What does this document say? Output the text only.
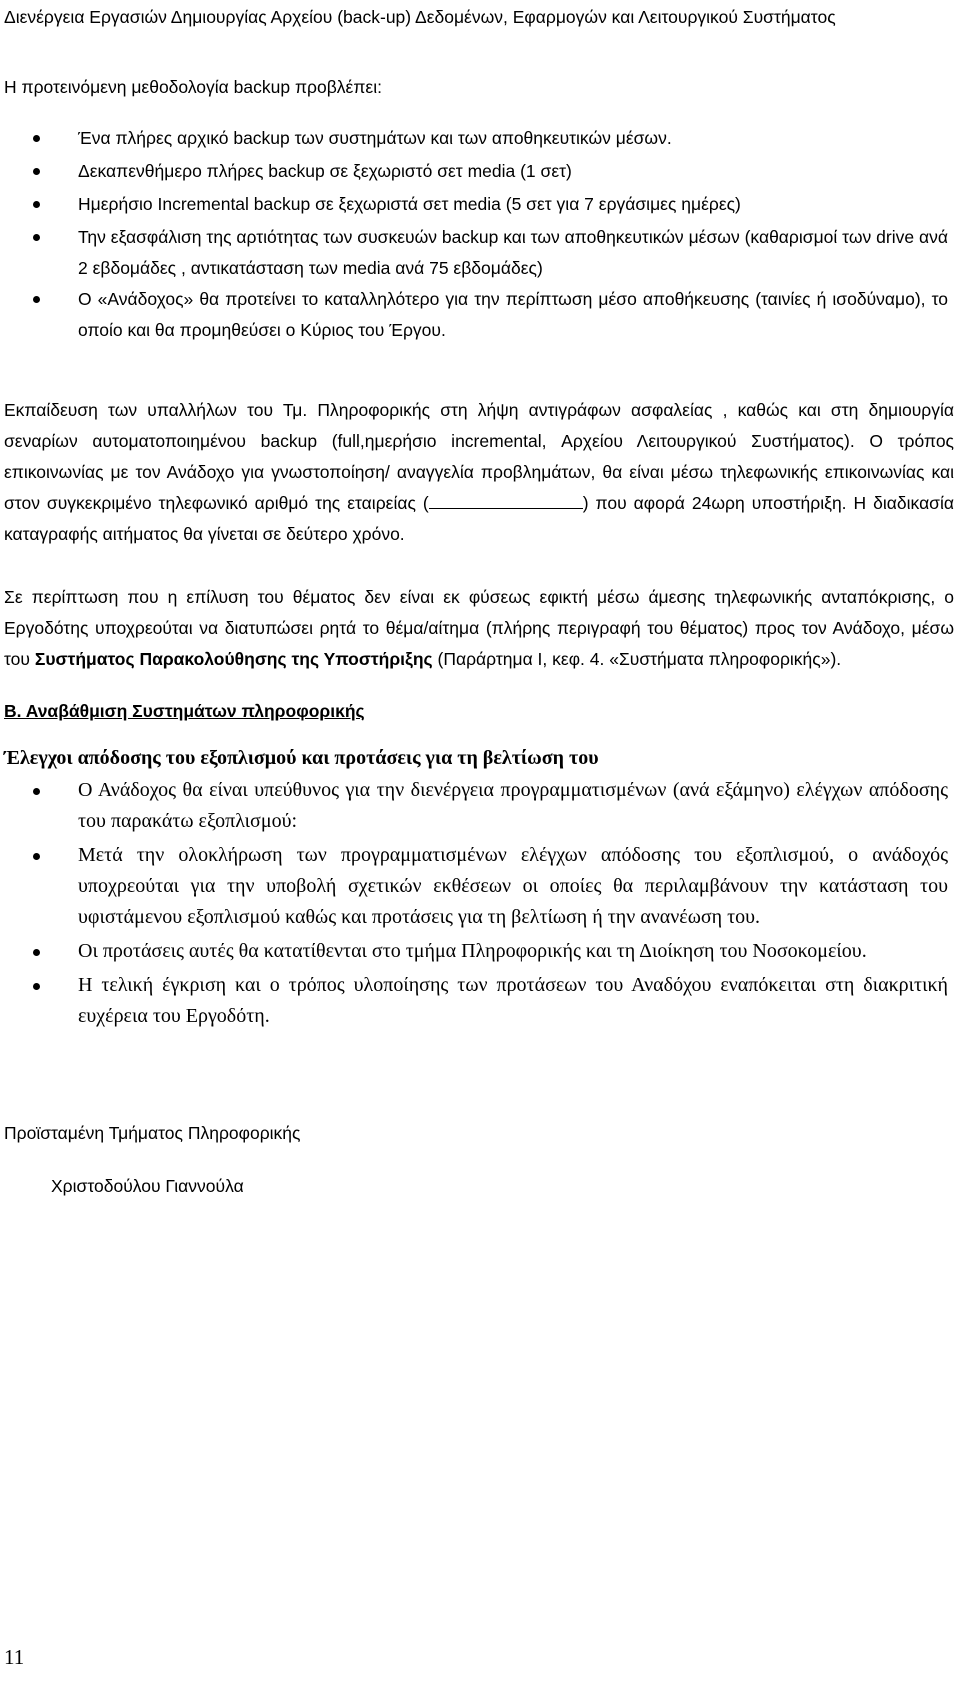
Διενέργεια Εργασιών Δημιουργίας Αρχείου (back-up) Δεδομένων, Εφαρμογών και Λειτουργικού Συστήματος

Η προτεινόμενη μεθοδολογία backup προβλέπει:

Ένα πλήρες αρχικό backup των συστημάτων και των αποθηκευτικών μέσων.
Δεκαπενθήμερο πλήρες backup σε ξεχωριστό σετ media (1 σετ)
Ημερήσιο Incremental backup σε ξεχωριστά σετ media (5 σετ για 7 εργάσιμες ημέρες)
Την εξασφάλιση της αρτιότητας των συσκευών backup και των αποθηκευτικών μέσων (καθαρισμοί των drive ανά 2 εβδομάδες , αντικατάσταση των media ανά 75 εβδομάδες)
Ο «Ανάδοχος» θα προτείνει το καταλληλότερο για την περίπτωση μέσο αποθήκευσης (ταινίες ή ισοδύναμο), το οποίο και θα προμηθεύσει ο Κύριος του Έργου.

Εκπαίδευση των υπαλλήλων του Τμ. Πληροφορικής στη λήψη αντιγράφων ασφαλείας , καθώς και στη δημιουργία σεναρίων αυτοματοποιημένου backup (full,ημερήσιο incremental, Αρχείου Λειτουργικού Συστήματος). Ο τρόπος επικοινωνίας με τον Ανάδοχο για γνωστοποίηση/ αναγγελία προβλημάτων, θα είναι μέσω τηλεφωνικής επικοινωνίας και στον συγκεκριμένο τηλεφωνικό αριθμό της εταιρείας (	) που αφορά 24ωρη υποστήριξη. Η διαδικασία καταγραφής αιτήματος θα γίνεται σε δεύτερο χρόνο.

Σε περίπτωση που η επίλυση του θέματος δεν είναι εκ φύσεως εφικτή μέσω άμεσης τηλεφωνικής ανταπόκρισης, ο Εργοδότης υποχρεούται να διατυπώσει ρητά το θέμα/αίτημα (πλήρης περιγραφή του θέματος) προς τον Ανάδοχο, μέσω του Συστήματος Παρακολούθησης της Υποστήριξης (Παράρτημα Ι, κεφ. 4. «Συστήματα πληροφορικής»).

Β. Αναβάθμιση Συστημάτων πληροφορικής

Έλεγχοι απόδοσης του εξοπλισμού και προτάσεις για τη βελτίωση του

Ο Ανάδοχος θα είναι υπεύθυνος για την διενέργεια προγραμματισμένων (ανά εξάμηνο) ελέγχων απόδοσης του παρακάτω εξοπλισμού:
Μετά την ολοκλήρωση των προγραμματισμένων ελέγχων απόδοσης του εξοπλισμού, ο ανάδοχός υποχρεούται για την υποβολή σχετικών εκθέσεων οι οποίες θα περιλαμβάνουν την κατάσταση του υφιστάμενου εξοπλισμού καθώς και προτάσεις για τη βελτίωση ή την ανανέωση του.
Οι προτάσεις αυτές θα κατατίθενται στο τμήμα Πληροφορικής και τη Διοίκηση του Νοσοκομείου.
Η τελική έγκριση και ο τρόπος υλοποίησης των προτάσεων του Αναδόχου εναπόκειται στη διακριτική ευχέρεια του Εργοδότη.

Προϊσταμένη Τμήματος Πληροφορικής

Χριστοδούλου Γιαννούλα

11
